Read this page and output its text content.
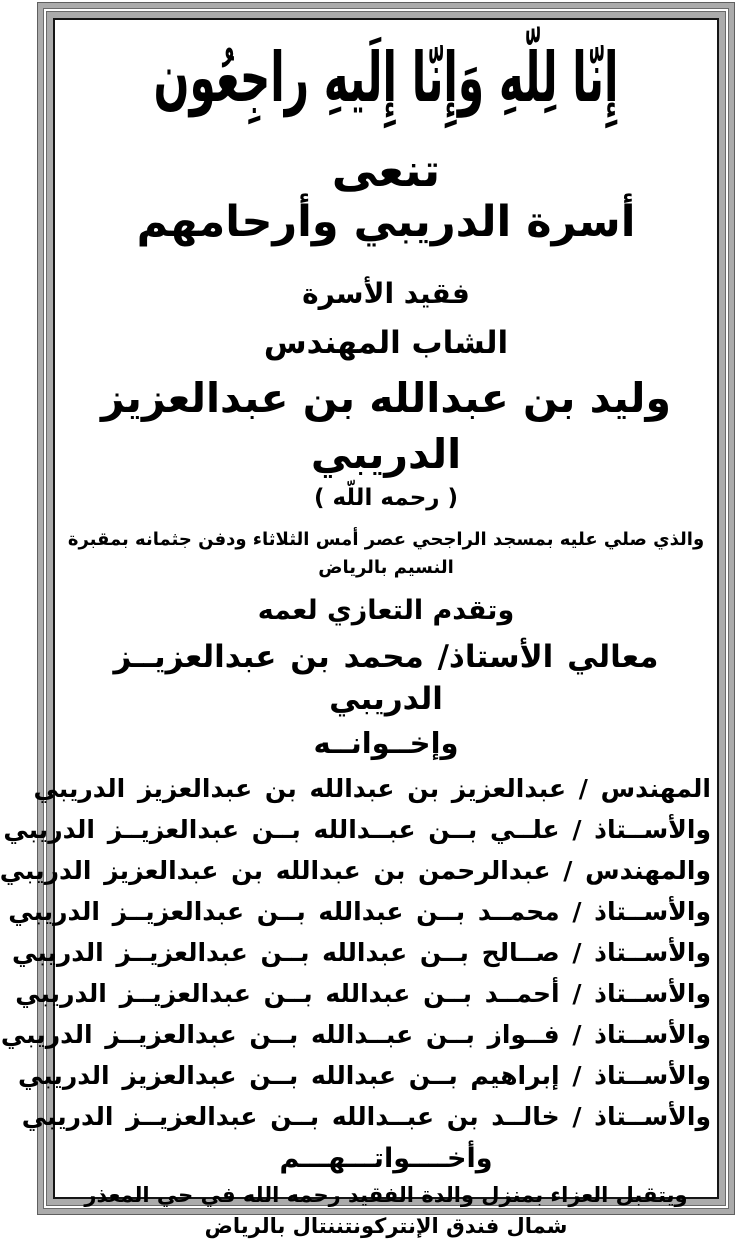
إِنّا لِلّهِ وَإِنّا إِلَيهِ راجِعُون
تنعى
أسرة الدريبي وأرحامهم
فقيد الأسرة
الشاب المهندس
وليد بن عبدالله بن عبدالعزيز الدريبي
( رحمه اللّه )
والذي صلي عليه بمسجد الراجحي عصر أمس الثلاثاء ودفن جثمانه بمقبرة النسيم بالرياض
وتقدم التعازي لعمه
معالي الأستاذ/ محمد بن عبدالعزيــز الدريبي
وإخــوانــه
المهندس / عبدالعزيز بن عبدالله بن عبدالعزيز الدريبي
والأســتاذ / علــي بــن عبــدالله بــن عبدالعزيــز الدريبي
والمهندس / عبدالرحمن بن عبدالله بن عبدالعزيز الدريبي
والأســتاذ / محمــد بــن عبدالله بــن عبدالعزيــز الدريبي
والأســتاذ / صــالح بــن عبدالله بــن عبدالعزيــز الدريبي
والأســتاذ / أحمــد بــن عبدالله بــن عبدالعزيــز الدريبي
والأســتاذ / فــواز بــن عبــدالله بــن عبدالعزيــز الدريبي
والأســتاذ / إبراهيم بــن عبدالله بــن عبدالعزيز الدريبي
والأســتاذ / خالــد بن عبــدالله بــن عبدالعزيــز الدريبي
وأخــــواتـــهـــم
ويتقبل العزاء بمنزل والدة الفقيد رحمه الله في حي المعذر
شمال فندق الإنتركونتننتال بالرياض
